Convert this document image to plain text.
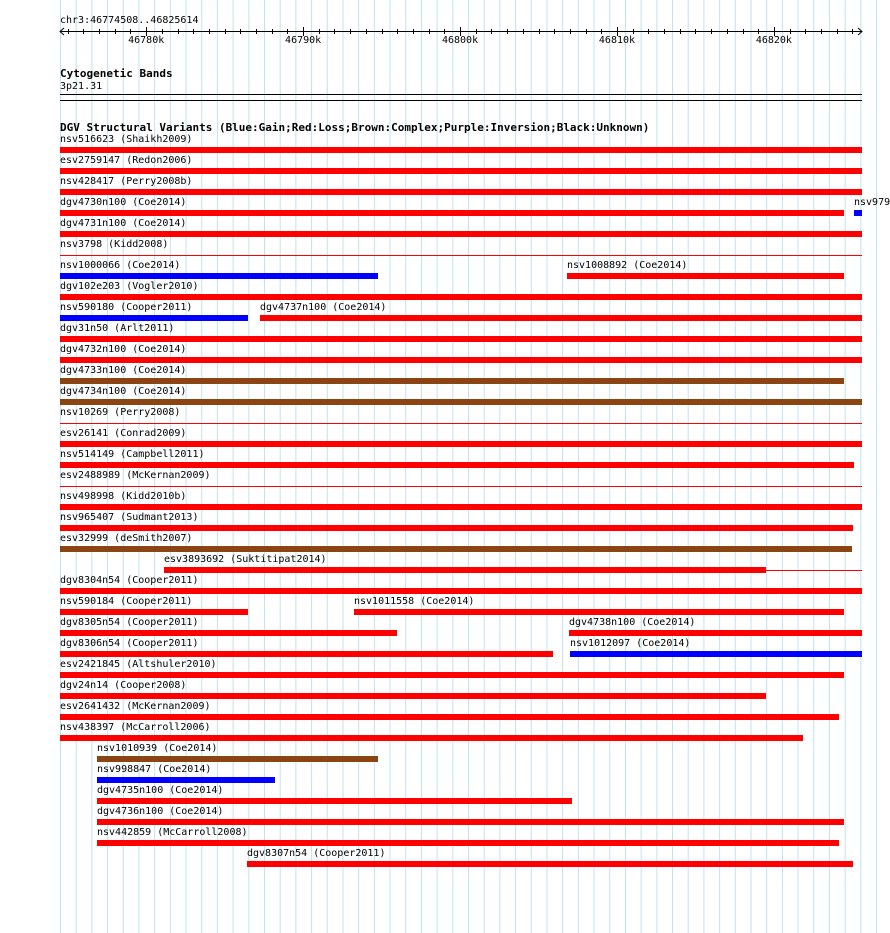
chr3:46774508..46825614
46780k	46790k	46800k	46810k	46820k
Cytogenetic Bands
3p21.31
DGV Structural Variants (Blue:Gain;Red:Loss;Brown:Complex;Purple:Inversion;Black:Unknown)
nsv516623 (Shaikh2009)
esv2759147 (Redon2006)
nsv428417 (Perry2008b)
dgv4730n100 (Coe2014)	nsv979
dgv4731n100 (Coe2014)
nsv3798 (Kidd2008)
nsv1000066 (Coe2014)	nsv1008892 (Coe2014)
dgv102e203 (Vogler2010)
nsv590180 (Cooper2011)	dgv4737n100 (Coe2014)
dgv31n50 (Arlt2011)
dgv4732n100 (Coe2014)
dgv4733n100 (Coe2014)
dgv4734n100 (Coe2014)
nsv10269 (Perry2008)
esv26141 (Conrad2009)
nsv514149 (Campbell2011)
esv2488989 (McKernan2009)
nsv498998 (Kidd2010b)
nsv965407 (Sudmant2013)
esv32999 (deSmith2007)
esv3893692 (Suktitipat2014)
dgv8304n54 (Cooper2011)
nsv590184 (Cooper2011)	nsv1011558 (Coe2014)
dgv8305n54 (Cooper2011)	dgv4738n100 (Coe2014)
dgv8306n54 (Cooper2011)	nsv1012097 (Coe2014)
esv2421845 (Altshuler2010)
dgv24n14 (Cooper2008)
esv2641432 (McKernan2009)
nsv438397 (McCarroll2006)
nsv1010939 (Coe2014)
nsv998847 (Coe2014)
dgv4735n100 (Coe2014)
dgv4736n100 (Coe2014)
nsv442859 (McCarroll2008)
dgv8307n54 (Cooper2011)
